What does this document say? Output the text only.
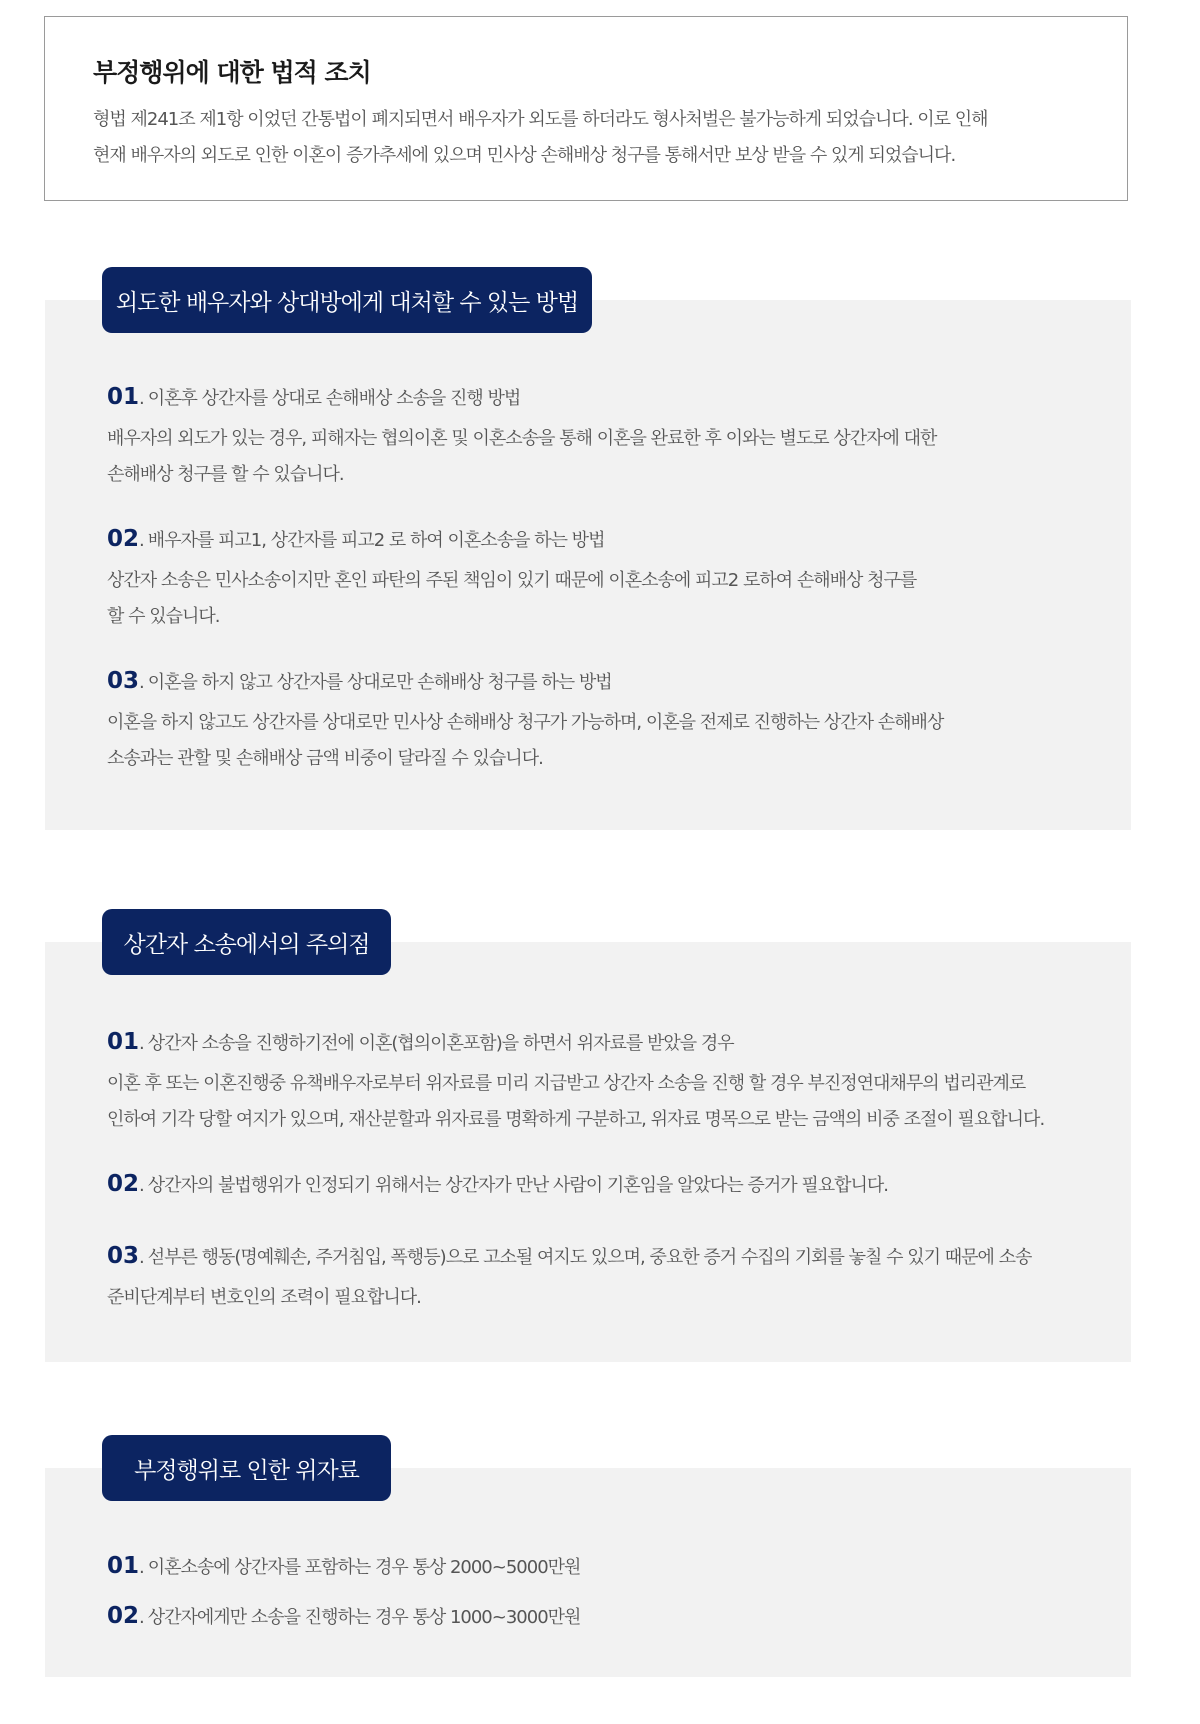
부정행위에 대한 법적 조치
형법 제241조 제1항 이었던 간통법이 폐지되면서 배우자가 외도를 하더라도 형사처벌은 불가능하게 되었습니다. 이로 인해
현재 배우자의 외도로 인한 이혼이 증가추세에 있으며 민사상 손해배상 청구를 통해서만 보상 받을 수 있게 되었습니다.
외도한 배우자와 상대방에게 대처할 수 있는 방법
01 . 이혼후 상간자를 상대로 손해배상 소송을 진행 방법
배우자의 외도가 있는 경우, 피해자는 협의이혼 및 이혼소송을 통해 이혼을 완료한 후 이와는 별도로 상간자에 대한
손해배상 청구를 할 수 있습니다.
02 . 배우자를 피고1, 상간자를 피고2 로 하여 이혼소송을 하는 방법
상간자 소송은 민사소송이지만 혼인 파탄의 주된 책임이 있기 때문에 이혼소송에 피고2 로하여 손해배상 청구를
할 수 있습니다.
03 . 이혼을 하지 않고 상간자를 상대로만 손해배상 청구를 하는 방법
이혼을 하지 않고도 상간자를 상대로만 민사상 손해배상 청구가 가능하며, 이혼을 전제로 진행하는 상간자 손해배상
소송과는 관할 및 손해배상 금액 비중이 달라질 수 있습니다.
상간자 소송에서의 주의점
01 . 상간자 소송을 진행하기전에 이혼(협의이혼포함)을 하면서 위자료를 받았을 경우
이혼 후 또는 이혼진행중 유책배우자로부터 위자료를 미리 지급받고 상간자 소송을 진행 할 경우 부진정연대채무의 법리관계로
인하여 기각 당할 여지가 있으며, 재산분할과 위자료를 명확하게 구분하고, 위자료 명목으로 받는 금액의 비중 조절이 필요합니다.
02 . 상간자의 불법행위가 인정되기 위해서는 상간자가 만난 사람이 기혼임을 알았다는 증거가 필요합니다.
03 . 섣부른 행동(명예훼손, 주거침입, 폭행등)으로 고소될 여지도 있으며, 중요한 증거 수집의 기회를 놓칠 수 있기 때문에 소송
준비단계부터 변호인의 조력이 필요합니다.
부정행위로 인한 위자료
01 . 이혼소송에 상간자를 포함하는 경우 통상 2000~5000만원
02 . 상간자에게만 소송을 진행하는 경우 통상 1000~3000만원
